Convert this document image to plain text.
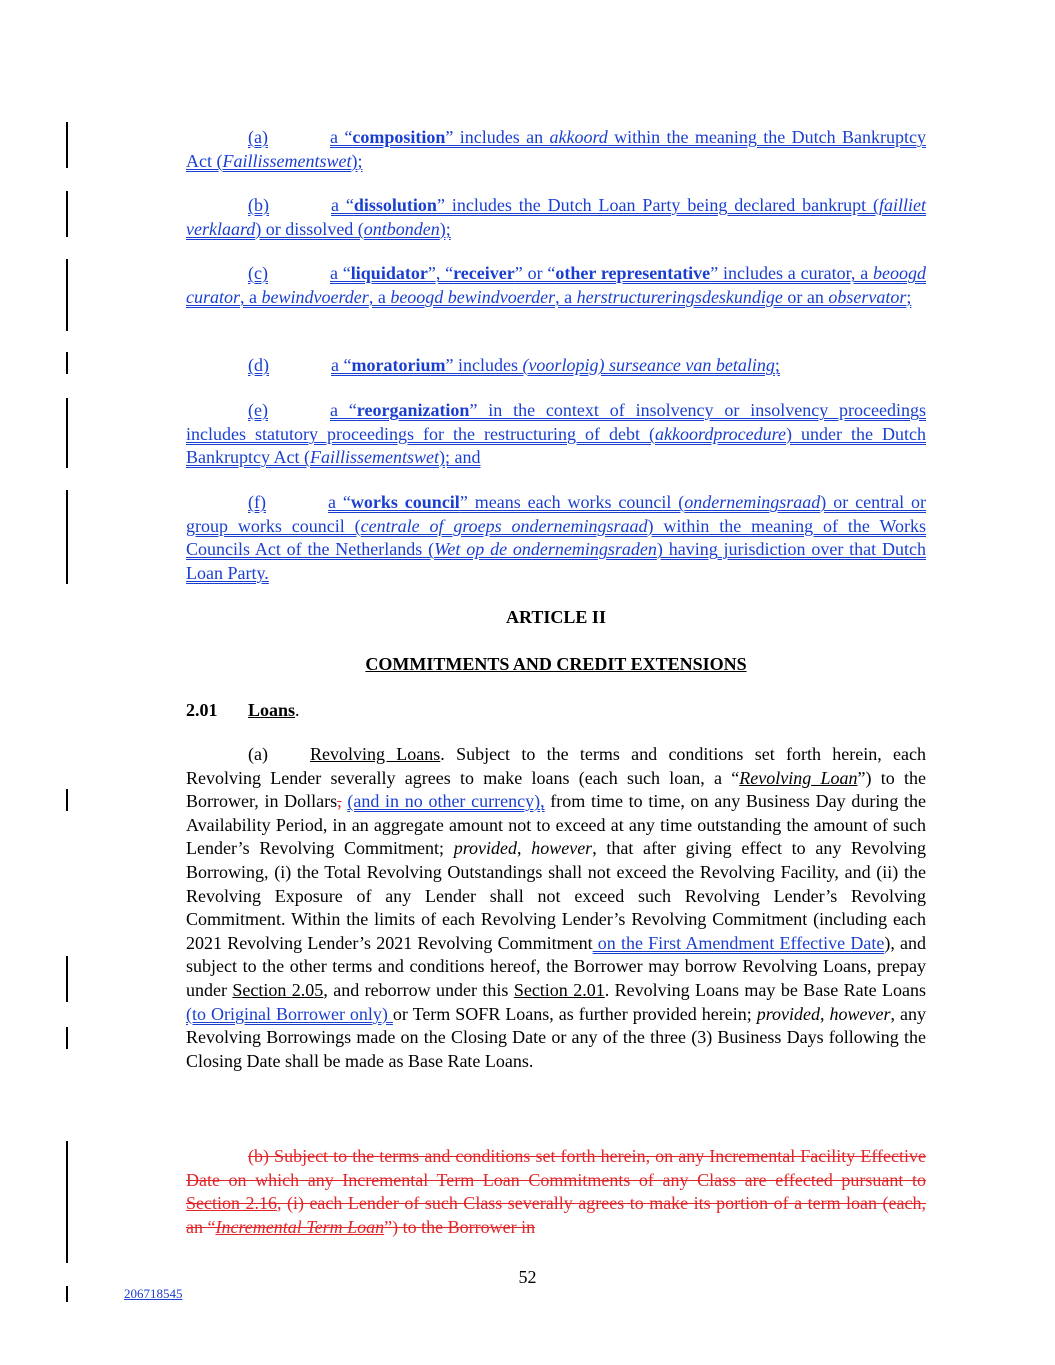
(a)	a “composition” includes an akkoord within the meaning the Dutch Bankruptcy Act (Faillissementswet);
(b)	a “dissolution” includes the Dutch Loan Party being declared bankrupt (failliet verklaard) or dissolved (ontbonden);
(c)	a “liquidator”, “receiver” or “other representative” includes a curator, a beoogd curator, a bewindvoerder, a beoogd bewindvoerder, a herstructureringsdeskundige or an observator;
(d)	a “moratorium” includes (voorlopig) surseance van betaling;
(e)	a “reorganization” in the context of insolvency or insolvency proceedings includes statutory proceedings for the restructuring of debt (akkoordprocedure) under the Dutch Bankruptcy Act (Faillissementswet); and
(f)	a “works council” means each works council (ondernemingsraad) or central or group works council (centrale of groeps ondernemingsraad) within the meaning of the Works Councils Act of the Netherlands (Wet op de ondernemingsraden) having jurisdiction over that Dutch Loan Party.
ARTICLE II
COMMITMENTS AND CREDIT EXTENSIONS
2.01 Loans.
(a) Revolving Loans. Subject to the terms and conditions set forth herein, each Revolving Lender severally agrees to make loans (each such loan, a “Revolving Loan”) to the Borrower, in Dollars, (and in no other currency), from time to time, on any Business Day during the Availability Period, in an aggregate amount not to exceed at any time outstanding the amount of such Lender’s Revolving Commitment; provided, however, that after giving effect to any Revolving Borrowing, (i) the Total Revolving Outstandings shall not exceed the Revolving Facility, and (ii) the Revolving Exposure of any Lender shall not exceed such Revolving Lender’s Revolving Commitment. Within the limits of each Revolving Lender’s Revolving Commitment (including each 2021 Revolving Lender’s 2021 Revolving Commitment on the First Amendment Effective Date), and subject to the other terms and conditions hereof, the Borrower may borrow Revolving Loans, prepay under Section 2.05, and reborrow under this Section 2.01. Revolving Loans may be Base Rate Loans (to Original Borrower only) or Term SOFR Loans, as further provided herein; provided, however, any Revolving Borrowings made on the Closing Date or any of the three (3) Business Days following the Closing Date shall be made as Base Rate Loans.
(b) Subject to the terms and conditions set forth herein, on any Incremental Facility Effective Date on which any Incremental Term Loan Commitments of any Class are effected pursuant to Section 2.16, (i) each Lender of such Class severally agrees to make its portion of a term loan (each, an “Incremental Term Loan”) to the Borrower in
52
206718545
